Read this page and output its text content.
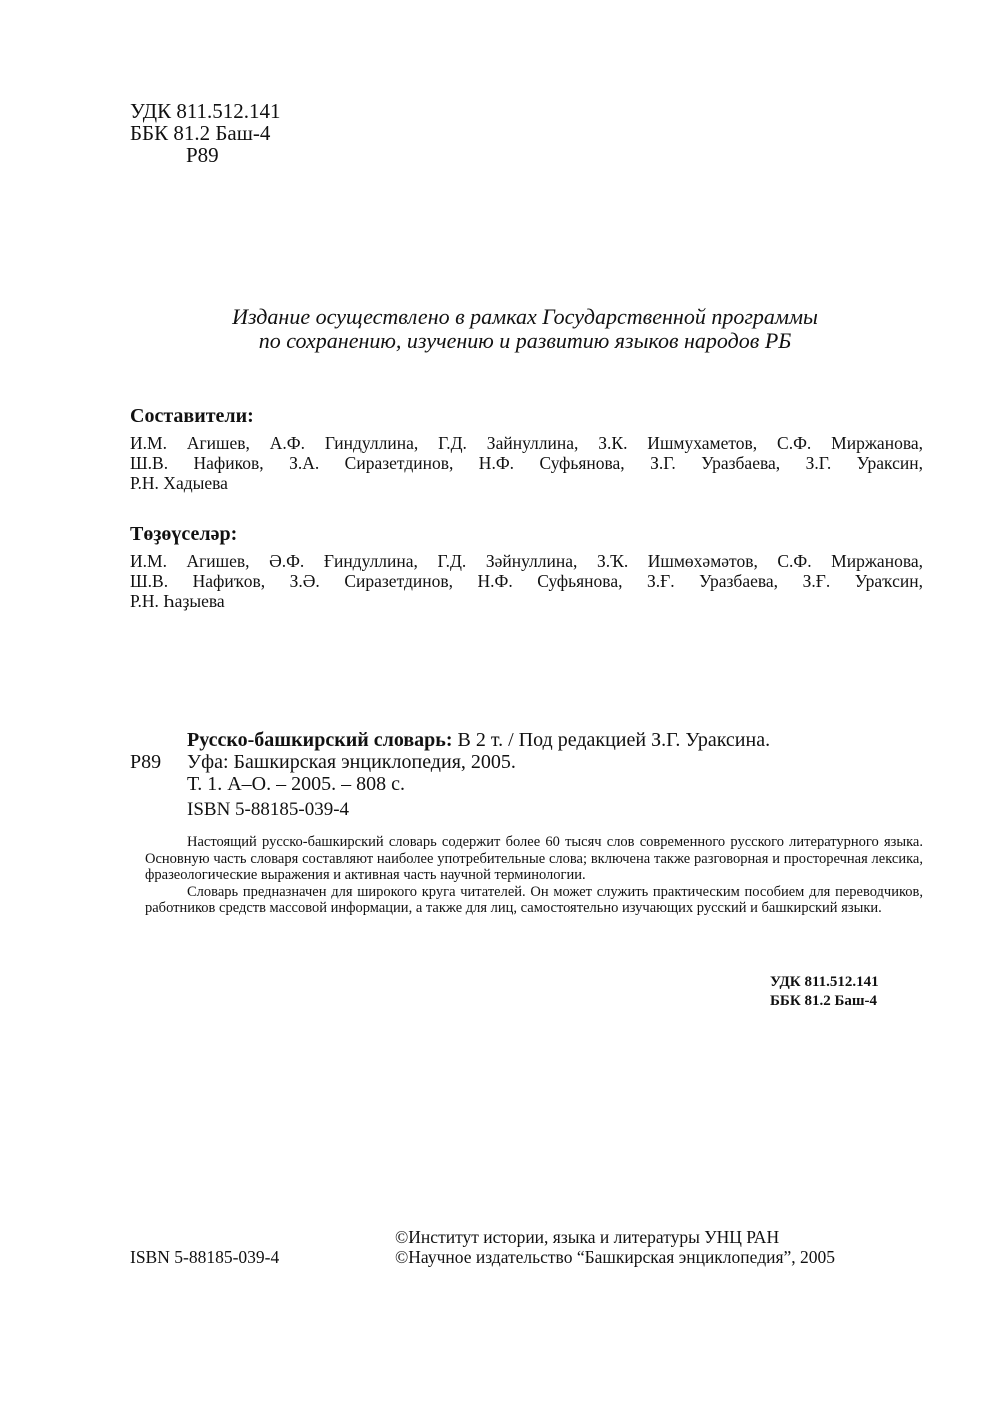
УДК 811.512.141
ББК 81.2 Баш-4
Р89
Издание осуществлено в рамках Государственной программы
по сохранению, изучению и развитию языков народов РБ
Составители:
И.М. Агишев, А.Ф. Гиндуллина, Г.Д. Зайнуллина, З.К. Ишмухаметов, С.Ф. Миржанова,
Ш.В. Нафиков, З.А. Сиразетдинов, Н.Ф. Суфьянова, З.Г. Уразбаева, З.Г. Ураксин,
Р.Н. Хадыева
Төҙөүселәр:
И.М. Агишев, Ә.Ф. Ғиндуллина, Г.Д. Зәйнуллина, З.Ҡ. Ишмөхәмәтов, С.Ф. Миржанова,
Ш.В. Нафиҡов, З.Ә. Сиразетдинов, Н.Ф. Суфьянова, З.Ғ. Уразбаева, З.Ғ. Ураҡсин,
Р.Н. Һаҙыева
Р89
Русско-башкирский словарь: В 2 т. / Под редакцией З.Г. Ураксина.
Уфа: Башкирская энциклопедия, 2005.
Т. 1. А–О. – 2005. – 808 с.
ISBN 5-88185-039-4

Настоящий русско-башкирский словарь содержит более 60 тысяч слов современного русского литературного языка. Основную часть словаря составляют наиболее употребительные слова; включена также разговорная и просторечная лексика, фразеологические выражения и активная часть научной терминологии.

Словарь предназначен для широкого круга читателей. Он может служить практическим пособием для переводчиков, работников средств массовой информации, а также для лиц, самостоятельно изучающих русский и башкирский языки.

УДК 811.512.141
ББК 81.2 Баш-4
ISBN 5-88185-039-4
©Институт истории, языка и литературы УНЦ РАН
©Научное издательство “Башкирская энциклопедия”, 2005
